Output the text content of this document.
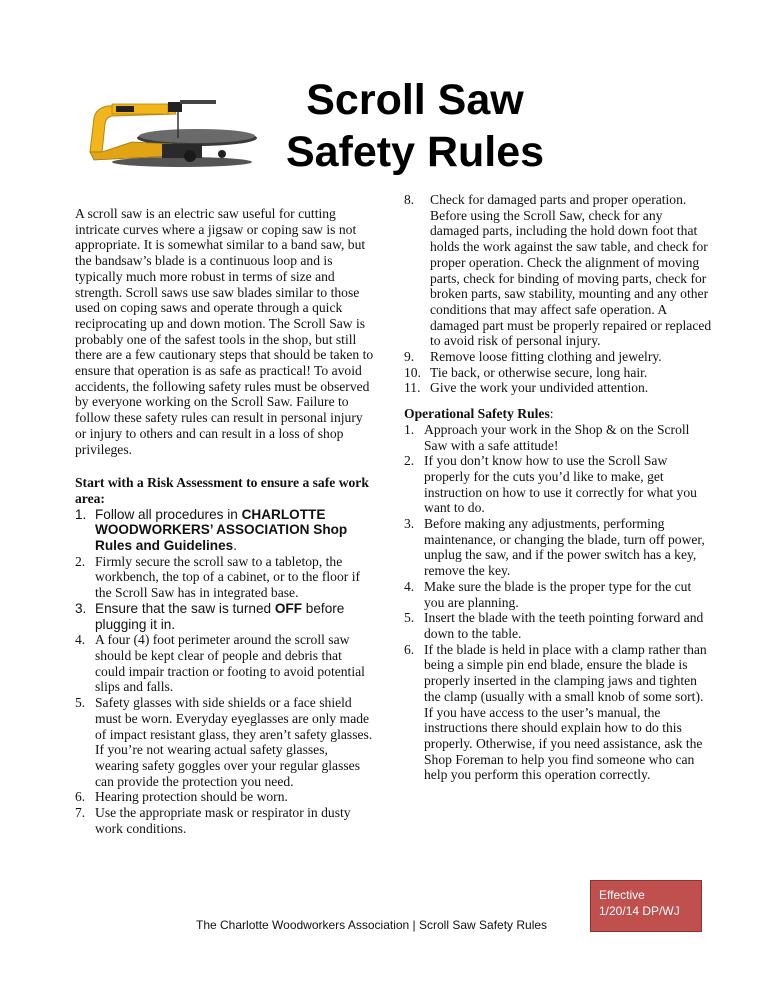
Scroll Saw
Safety Rules

A scroll saw is an electric saw useful for cutting intricate curves where a jigsaw or coping saw is not appropriate. It is somewhat similar to a band saw, but the bandsaw’s blade is a continuous loop and is typically much more robust in terms of size and strength. Scroll saws use saw blades similar to those used on coping saws and operate through a quick reciprocating up and down motion. The Scroll Saw is probably one of the safest tools in the shop, but still there are a few cautionary steps that should be taken to ensure that operation is as safe as practical! To avoid accidents, the following safety rules must be observed by everyone working on the Scroll Saw. Failure to follow these safety rules can result in personal injury or injury to others and can result in a loss of shop privileges.

Start with a Risk Assessment to ensure a safe work area:

1. Follow all procedures in CHARLOTTE WOODWORKERS’ ASSOCIATION Shop Rules and Guidelines.
2. Firmly secure the scroll saw to a tabletop, the workbench, the top of a cabinet, or to the floor if the Scroll Saw has in integrated base.
3. Ensure that the saw is turned OFF before plugging it in.
4. A four (4) foot perimeter around the scroll saw should be kept clear of people and debris that could impair traction or footing to avoid potential slips and falls.
5. Safety glasses with side shields or a face shield must be worn. Everyday eyeglasses are only made of impact resistant glass, they aren’t safety glasses. If you’re not wearing actual safety glasses, wearing safety goggles over your regular glasses can provide the protection you need.
6. Hearing protection should be worn.
7. Use the appropriate mask or respirator in dusty work conditions.
8.	Check for damaged parts and proper operation. Before using the Scroll Saw, check for any damaged parts, including the hold down foot that holds the work against the saw table, and check for proper operation. Check the alignment of moving parts, check for binding of moving parts, check for broken parts, saw stability, mounting and any other conditions that may affect safe operation. A damaged part must be properly repaired or replaced to avoid risk of personal injury.
9.	Remove loose fitting clothing and jewelry.
10. Tie back, or otherwise secure, long hair.
11. Give the work your undivided attention.

Operational Safety Rules:

1. Approach your work in the Shop & on the Scroll Saw with a safe attitude!
2. If you don’t know how to use the Scroll Saw properly for the cuts you’d like to make, get instruction on how to use it correctly for what you want to do.
3. Before making any adjustments, performing maintenance, or changing the blade, turn off power, unplug the saw, and if the power switch has a key, remove the key.
4. Make sure the blade is the proper type for the cut you are planning.
5. Insert the blade with the teeth pointing forward and down to the table.
6. If the blade is held in place with a clamp rather than being a simple pin end blade, ensure the blade is properly inserted in the clamping jaws and tighten the clamp (usually with a small knob of some sort). If you have access to the user’s manual, the instructions there should explain how to do this properly. Otherwise, if you need assistance, ask the Shop Foreman to help you find someone who can help you perform this operation correctly.
The Charlotte Woodworkers Association | Scroll Saw Safety Rules
Effective
1/20/14 DP/WJ
